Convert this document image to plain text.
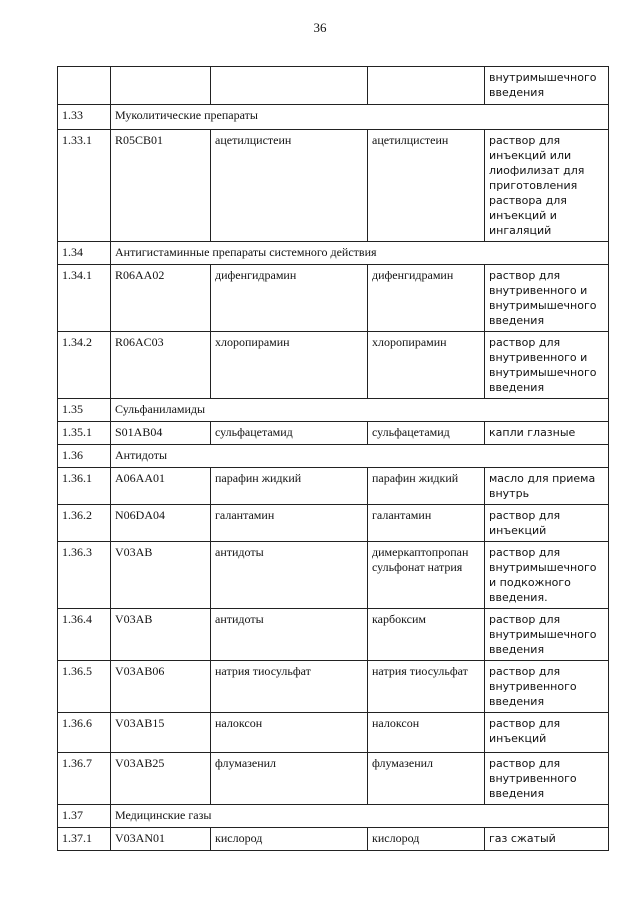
36
				внутримышечного введения
1.33	Муколитические препараты			
1.33.1	R05CB01	ацетилцистеин	ацетилцистеин	раствор для инъекций или лиофилизат для приготовления раствора для инъекций и ингаляций
1.34	Антигистаминные препараты системного действия			
1.34.1	R06AA02	дифенгидрамин	дифенгидрамин	раствор для внутривенного и внутримышечного введения
1.34.2	R06AC03	хлоропирамин	хлоропирамин	раствор для внутривенного и внутримышечного введения
1.35	Сульфаниламиды			
1.35.1	S01AB04	сульфацетамид	сульфацетамид	капли глазные
1.36	Антидоты			
1.36.1	A06AA01	парафин жидкий	парафин жидкий	масло для приема внутрь
1.36.2	N06DA04	галантамин	галантамин	раствор для инъекций
1.36.3	V03AB	антидоты	димеркаптопропан сульфонат натрия	раствор для внутримышечного и подкожного введения.
1.36.4	V03AB	антидоты	карбоксим	раствор для внутримышечного введения
1.36.5	V03AB06	натрия тиосульфат	натрия тиосульфат	раствор для внутривенного введения
1.36.6	V03AB15	налоксон	налоксон	раствор для инъекций
1.36.7	V03AB25	флумазенил	флумазенил	раствор для внутривенного введения
1.37	Медицинские газы			
1.37.1	V03AN01	кислород	кислород	газ сжатый
